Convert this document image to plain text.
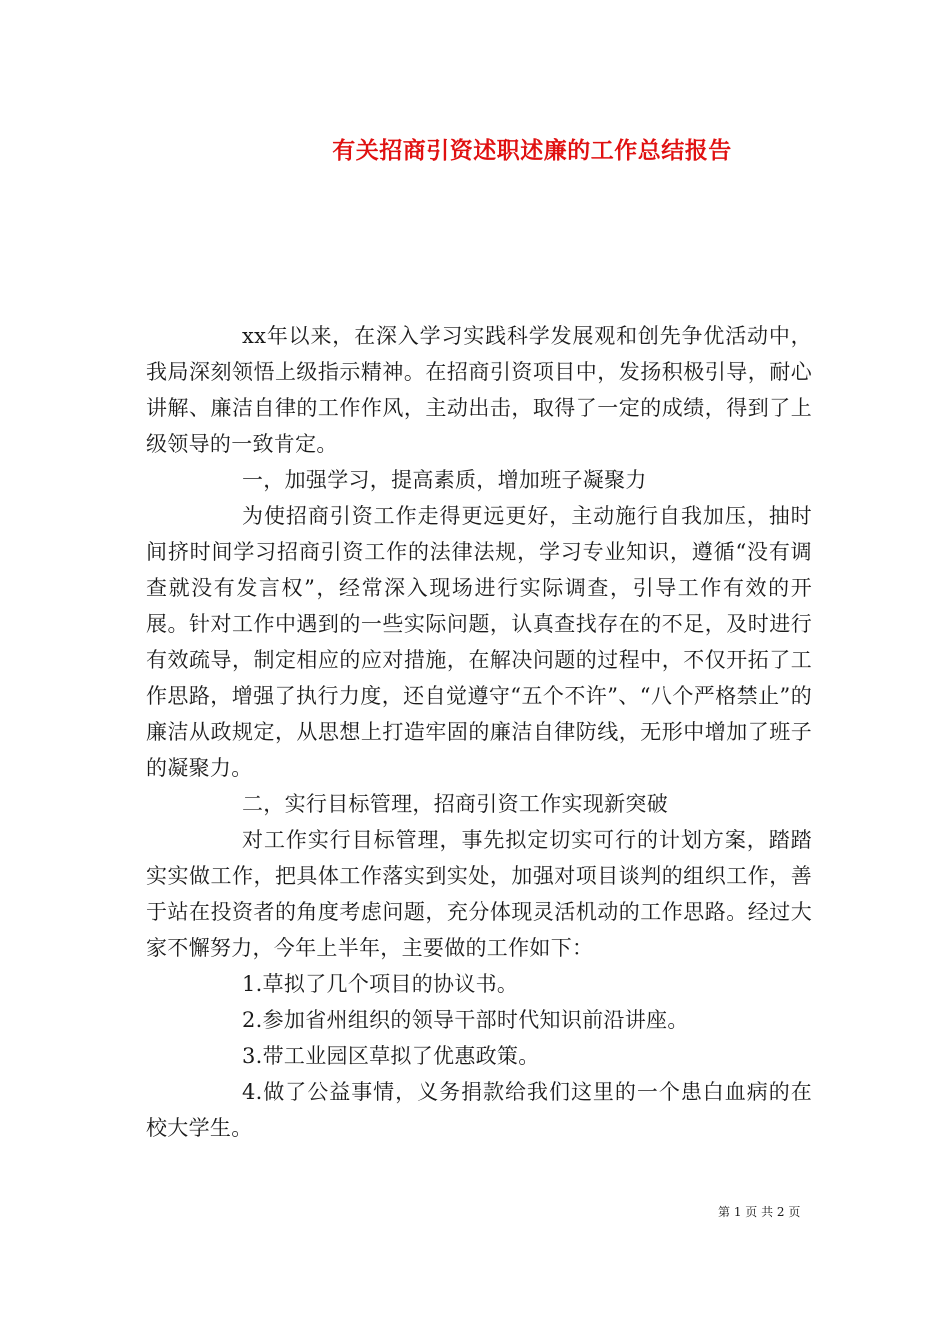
有关招商引资述职述廉的工作总结报告

xx年以来，在深入学习实践科学发展观和创先争优活动中，我局深刻领悟上级指示精神。在招商引资项目中，发扬积极引导，耐心讲解、廉洁自律的工作作风，主动出击，取得了一定的成绩，得到了上级领导的一致肯定。

一，加强学习，提高素质，增加班子凝聚力

为使招商引资工作走得更远更好，主动施行自我加压，抽时间挤时间学习招商引资工作的法律法规，学习专业知识，遵循“没有调查就没有发言权”，经常深入现场进行实际调查，引导工作有效的开展。针对工作中遇到的一些实际问题，认真查找存在的不足，及时进行有效疏导，制定相应的应对措施，在解决问题的过程中，不仅开拓了工作思路，增强了执行力度，还自觉遵守“五个不许”、“八个严格禁止”的廉洁从政规定，从思想上打造牢固的廉洁自律防线，无形中增加了班子的凝聚力。

二，实行目标管理，招商引资工作实现新突破

对工作实行目标管理，事先拟定切实可行的计划方案，踏踏实实做工作，把具体工作落实到实处，加强对项目谈判的组织工作，善于站在投资者的角度考虑问题，充分体现灵活机动的工作思路。经过大家不懈努力，今年上半年，主要做的工作如下：

1.草拟了几个项目的协议书。

2.参加省州组织的领导干部时代知识前沿讲座。

3.带工业园区草拟了优惠政策。

4.做了公益事情，义务捐款给我们这里的一个患白血病的在校大学生。

第 1 页 共 2 页
